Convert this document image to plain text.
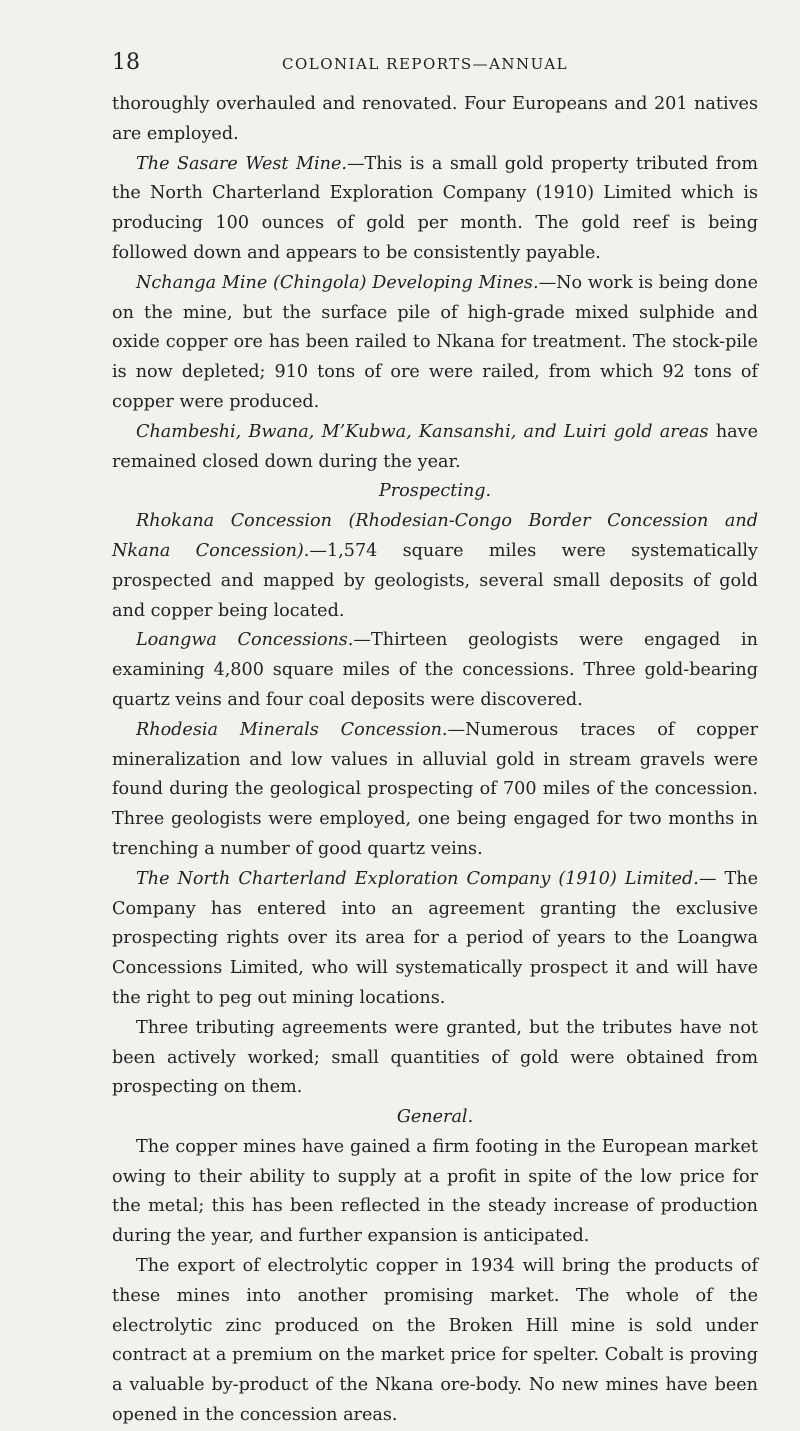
18	COLONIAL REPORTS—ANNUAL

thoroughly overhauled and renovated. Four Europeans and 201 natives are employed.

The Sasare West Mine.—This is a small gold property tributed from the North Charterland Exploration Company (1910) Limited which is producing 100 ounces of gold per month. The gold reef is being followed down and appears to be consistently payable.

Nchanga Mine (Chingola) Developing Mines.—No work is being done on the mine, but the surface pile of high-grade mixed sulphide and oxide copper ore has been railed to Nkana for treatment. The stock-pile is now depleted; 910 tons of ore were railed, from which 92 tons of copper were produced.

Chambeshi, Bwana, M’Kubwa, Kansanshi, and Luiri gold areas have remained closed down during the year.

Prospecting.

Rhokana Concession (Rhodesian-Congo Border Concession and Nkana Concession).—1,574 square miles were systematically prospected and mapped by geologists, several small deposits of gold and copper being located.

Loangwa Concessions.—Thirteen geologists were engaged in examining 4,800 square miles of the concessions. Three gold-bearing quartz veins and four coal deposits were discovered.

Rhodesia Minerals Concession.—Numerous traces of copper mineralization and low values in alluvial gold in stream gravels were found during the geological prospecting of 700 miles of the concession. Three geologists were employed, one being engaged for two months in trenching a number of good quartz veins.

The North Charterland Exploration Company (1910) Limited.— The Company has entered into an agreement granting the exclusive prospecting rights over its area for a period of years to the Loangwa Concessions Limited, who will systematically prospect it and will have the right to peg out mining locations.

Three tributing agreements were granted, but the tributes have not been actively worked; small quantities of gold were obtained from prospecting on them.

General.

The copper mines have gained a firm footing in the European market owing to their ability to supply at a profit in spite of the low price for the metal; this has been reflected in the steady increase of production during the year, and further expansion is anticipated.

The export of electrolytic copper in 1934 will bring the products of these mines into another promising market. The whole of the electrolytic zinc produced on the Broken Hill mine is sold under contract at a premium on the market price for spelter. Cobalt is proving a valuable by-product of the Nkana ore-body. No new mines have been opened in the concession areas.
